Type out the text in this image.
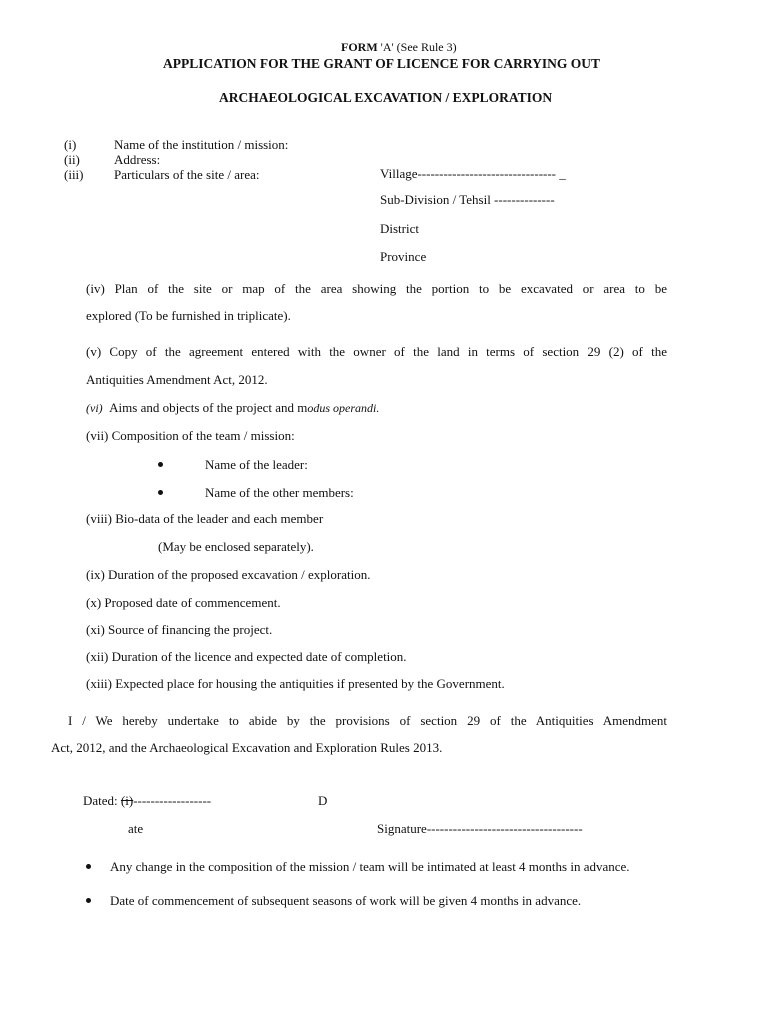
FORM 'A' (See Rule 3)
APPLICATION FOR THE GRANT OF LICENCE FOR CARRYING OUT
ARCHAEOLOGICAL EXCAVATION / EXPLORATION
(i)	Name of the institution / mission:
(ii)	Address:
(iii) Particulars of the site / area:	Village-------------------------------- _
Sub-Division / Tehsil --------------
District
Province
(iv) Plan of the site or map of the area showing the portion to be excavated or area to be
explored (To be furnished in triplicate).
(v) Copy of the agreement entered with the owner of the land in terms of section 29 (2) of the
Antiquities Amendment Act, 2012.
(vi) Aims and objects of the project and modus operandi.
(vii) Composition of the team / mission:
Name of the leader:
Name of the other members:
(viii) Bio-data of the leader and each member
(May be enclosed separately).
(ix) Duration of the proposed excavation / exploration.
(x) Proposed date of commencement.
(xi) Source of financing the project.
(xii) Duration of the licence and expected date of completion.
(xiii) Expected place for housing the antiquities if presented by the Government.
I / We hereby undertake to abide by the provisions of section 29 of the Antiquities Amendment
Act, 2012, and the Archaeological Excavation and Exploration Rules 2013.
Dated: (i)------------------	D
ate	Signature------------------------------------
Any change in the composition of the mission / team will be intimated at least 4 months in advance.
Date of commencement of subsequent seasons of work will be given 4 months in advance.
